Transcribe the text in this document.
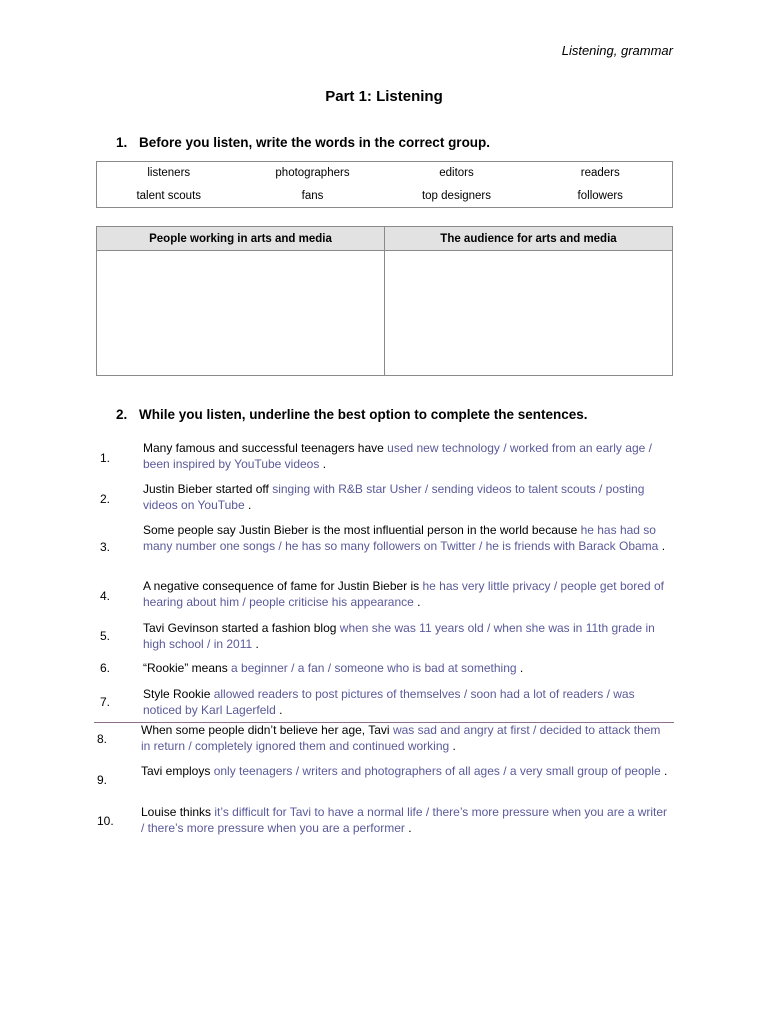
Listening, grammar
Part 1: Listening
1. Before you listen, write the words in the correct group.
listeners	photographers	editors	readers
talent scouts	fans	top designers	followers
People working in arts and media	The audience for arts and media

2. While you listen, underline the best option to complete the sentences.
1.
Many famous and successful teenagers have used new technology / worked from an early age / been inspired by YouTube videos .
2.
Justin Bieber started off singing with R&B star Usher / sending videos to talent scouts / posting videos on YouTube .
3.
Some people say Justin Bieber is the most influential person in the world because he has had so many number one songs / he has so many followers on Twitter / he is friends with Barack Obama .
4.
A negative consequence of fame for Justin Bieber is he has very little privacy / people get bored of hearing about him / people criticise his appearance .
5.
Tavi Gevinson started a fashion blog when she was 11 years old / when she was in 11th grade in high school / in 2011 .
6.	“Rookie” means a beginner / a fan / someone who is bad at something .
7.
Style Rookie allowed readers to post pictures of themselves / soon had a lot of readers / was noticed by Karl Lagerfeld .
8.
When some people didn’t believe her age, Tavi was sad and angry at first / decided to attack them in return / completely ignored them and continued working .
9.
Tavi employs only teenagers / writers and photographers of all ages / a very small group of people .
10.
Louise thinks it’s difficult for Tavi to have a normal life / there’s more pressure when you are a writer / there’s more pressure when you are a performer .
